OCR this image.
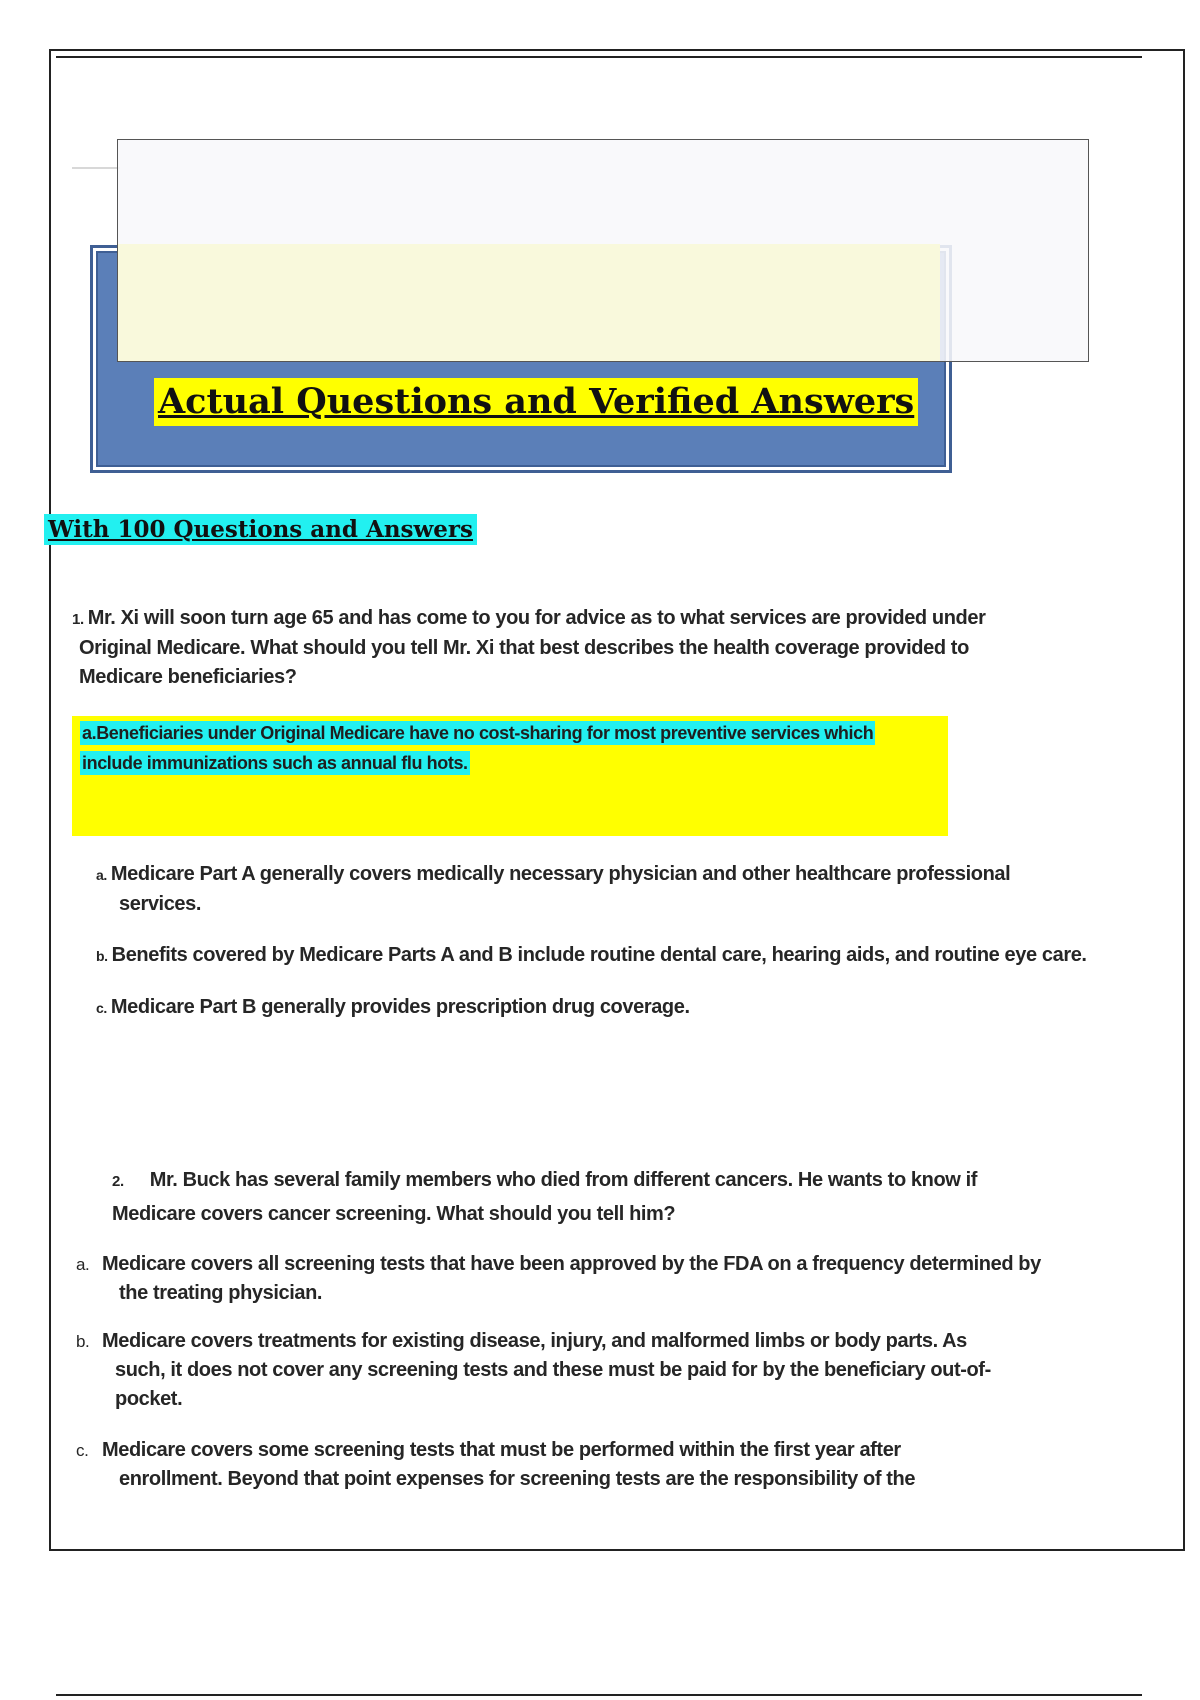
Actual Questions and Verified Answers
With 100 Questions and Answers
1. Mr. Xi will soon turn age 65 and has come to you for advice as to what services are provided under
Original Medicare. What should you tell Mr. Xi that best describes the health coverage provided to
Medicare beneficiaries?
a.Beneficiaries under Original Medicare have no cost-sharing for most preventive services which
include immunizations such as annual flu hots.
a. Medicare Part A generally covers medically necessary physician and other healthcare professional
services.
b. Benefits covered by Medicare Parts A and B include routine dental care, hearing aids, and routine eye care.
c. Medicare Part B generally provides prescription drug coverage.
2. Mr. Buck has several family members who died from different cancers. He wants to know if
Medicare covers cancer screening. What should you tell him?
a. Medicare covers all screening tests that have been approved by the FDA on a frequency determined by
the treating physician.
b. Medicare covers treatments for existing disease, injury, and malformed limbs or body parts. As
such, it does not cover any screening tests and these must be paid for by the beneficiary out-of-
pocket.
c. Medicare covers some screening tests that must be performed within the first year after
enrollment. Beyond that point expenses for screening tests are the responsibility of the
